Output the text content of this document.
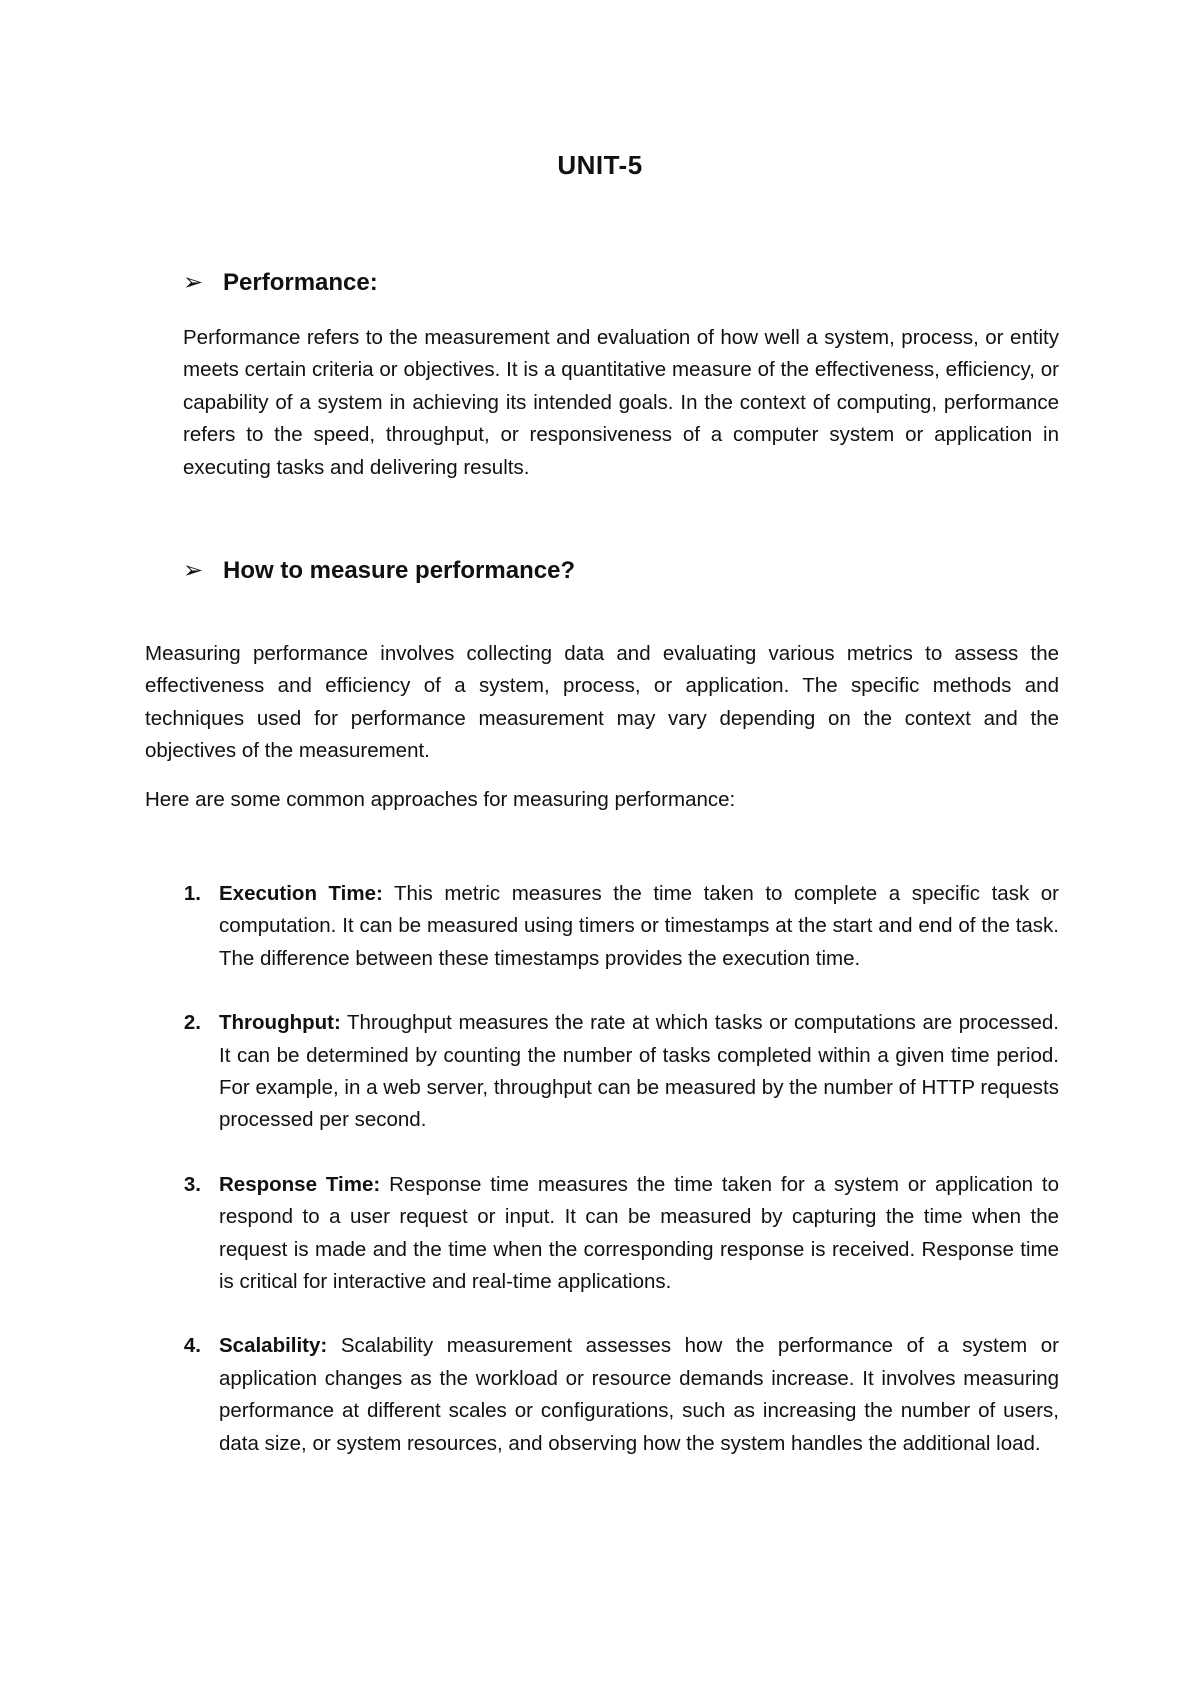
UNIT-5
➢ Performance:

Performance refers to the measurement and evaluation of how well a system, process, or entity meets certain criteria or objectives. It is a quantitative measure of the effectiveness, efficiency, or capability of a system in achieving its intended goals. In the context of computing, performance refers to the speed, throughput, or responsiveness of a computer system or application in executing tasks and delivering results.

➢ How to measure performance?

Measuring performance involves collecting data and evaluating various metrics to assess the effectiveness and efficiency of a system, process, or application. The specific methods and techniques used for performance measurement may vary depending on the context and the objectives of the measurement.

Here are some common approaches for measuring performance:

1. Execution Time: This metric measures the time taken to complete a specific task or computation. It can be measured using timers or timestamps at the start and end of the task. The difference between these timestamps provides the execution time.
2. Throughput: Throughput measures the rate at which tasks or computations are processed. It can be determined by counting the number of tasks completed within a given time period. For example, in a web server, throughput can be measured by the number of HTTP requests processed per second.
3. Response Time: Response time measures the time taken for a system or application to respond to a user request or input. It can be measured by capturing the time when the request is made and the time when the corresponding response is received. Response time is critical for interactive and real-time applications.
4. Scalability: Scalability measurement assesses how the performance of a system or application changes as the workload or resource demands increase. It involves measuring performance at different scales or configurations, such as increasing the number of users, data size, or system resources, and observing how the system handles the additional load.
